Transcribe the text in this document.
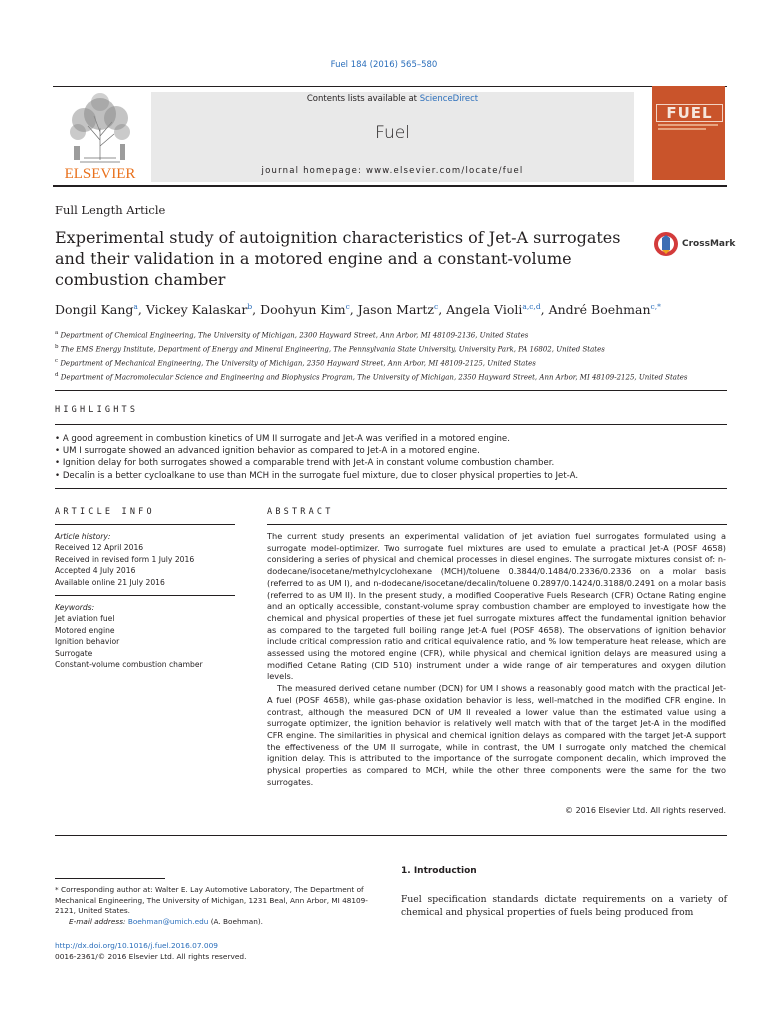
Fuel 184 (2016) 565–580
ELSEVIER
Contents lists available at ScienceDirect
Fuel
journal homepage: www.elsevier.com/locate/fuel
FUEL
Full Length Article
Experimental study of autoignition characteristics of Jet-A surrogates and their validation in a motored engine and a constant-volume combustion chamber
CrossMark
Dongil Kang$^a$, Vickey Kalaskar$^b$, Doohyun Kim$^c$, Jason Martz$^c$, Angela Violi$^{a,c,d}$, André Boehman$^{c,*}$
$^a$ Department of Chemical Engineering, The University of Michigan, 2300 Hayward Street, Ann Arbor, MI 48109-2136, United States
$^b$ The EMS Energy Institute, Department of Energy and Mineral Engineering, The Pennsylvania State University, University Park, PA 16802, United States
$^c$ Department of Mechanical Engineering, The University of Michigan, 2350 Hayward Street, Ann Arbor, MI 48109-2125, United States
$^d$ Department of Macromolecular Science and Engineering and Biophysics Program, The University of Michigan, 2350 Hayward Street, Ann Arbor, MI 48109-2125, United States
HIGHLIGHTS
• A good agreement in combustion kinetics of UM II surrogate and Jet-A was verified in a motored engine.
• UM I surrogate showed an advanced ignition behavior as compared to Jet-A in a motored engine.
• Ignition delay for both surrogates showed a comparable trend with Jet-A in constant volume combustion chamber.
• Decalin is a better cycloalkane to use than MCH in the surrogate fuel mixture, due to closer physical properties to Jet-A.
ARTICLE INFO
Article history:
Received 12 April 2016
Received in revised form 1 July 2016
Accepted 4 July 2016
Available online 21 July 2016
Keywords:
Jet aviation fuel
Motored engine
Ignition behavior
Surrogate
Constant-volume combustion chamber
ABSTRACT

The current study presents an experimental validation of jet aviation fuel surrogates formulated using a surrogate model-optimizer. Two surrogate fuel mixtures are used to emulate a practical Jet-A (POSF 4658) considering a series of physical and chemical processes in diesel engines. The surrogate mixtures consist of: n-dodecane/isocetane/methylcyclohexane (MCH)/toluene 0.3844/0.1484/0.2336/0.2336 on a molar basis (referred to as UM I), and n-dodecane/isocetane/decalin/toluene 0.2897/0.1424/0.3188/0.2491 on a molar basis (referred to as UM II). In the present study, a modified Cooperative Fuels Research (CFR) Octane Rating engine and an optically accessible, constant-volume spray combustion chamber are employed to investigate how the chemical and physical properties of these jet fuel surrogate mixtures affect the fundamental ignition behavior as compared to the targeted full boiling range Jet-A fuel (POSF 4658). The observations of ignition behavior include critical compression ratio and critical equivalence ratio, and % low temperature heat release, which are assessed using the motored engine (CFR), while physical and chemical ignition delays are measured using a modified Cetane Rating (CID 510) instrument under a wide range of air temperatures and oxygen dilution levels.

The measured derived cetane number (DCN) for UM I shows a reasonably good match with the practical Jet-A fuel (POSF 4658), while gas-phase oxidation behavior is less, well-matched in the modified CFR engine. In contrast, although the measured DCN of UM II revealed a lower value than the estimated value using a surrogate optimizer, the ignition behavior is relatively well match with that of the target Jet-A in the modified CFR engine. The similarities in physical and chemical ignition delays as compared with the target Jet-A support the effectiveness of the UM II surrogate, while in contrast, the UM I surrogate only matched the chemical ignition delay. This is attributed to the importance of the surrogate component decalin, which improved the physical properties as compared to MCH, while the other three components were the same for the two surrogates.

© 2016 Elsevier Ltd. All rights reserved.
1. Introduction
Fuel specification standards dictate requirements on a variety of chemical and physical properties of fuels being produced from
* Corresponding author at: Walter E. Lay Automotive Laboratory, The Department of Mechanical Engineering, The University of Michigan, 1231 Beal, Ann Arbor, MI 48109-2121, United States.
E-mail address: Boehman@umich.edu (A. Boehman).
http://dx.doi.org/10.1016/j.fuel.2016.07.009
0016-2361/© 2016 Elsevier Ltd. All rights reserved.
